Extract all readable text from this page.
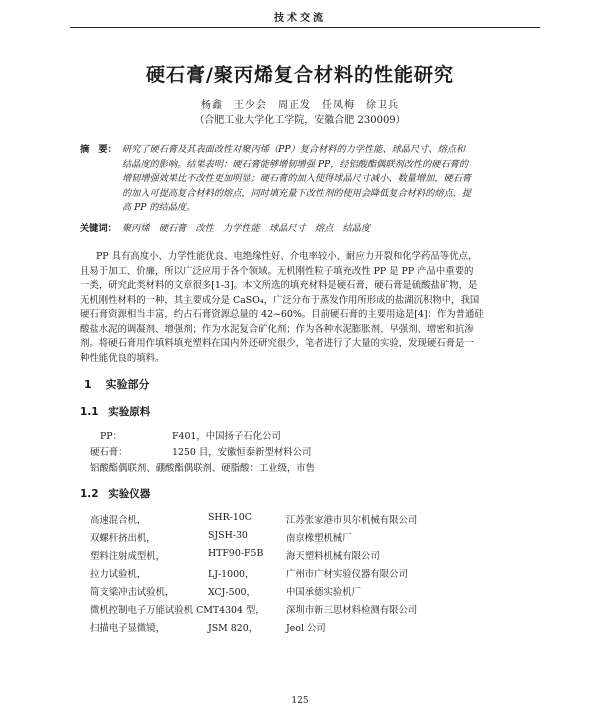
技术交流
硬石膏/聚丙烯复合材料的性能研究
杨鑫　王少会　周正发　任凤梅　徐卫兵
（合肥工业大学化工学院，安徽合肥 230009）
摘　要： 研究了硬石膏及其表面改性对聚丙烯（PP）复合材料的力学性能、球晶尺寸、熔点和
结晶度的影响。结果表明：硬石膏能够增韧增强 PP，经铝酸酯偶联剂改性的硬石膏的
增韧增强效果比不改性更加明显；硬石膏的加入使得球晶尺寸减小、数量增加，硬石膏
的加入可提高复合材料的熔点，同时填充量下改性剂的使用会降低复合材料的熔点，提
高 PP 的结晶度。
关键词： 聚丙烯　硬石膏　改性　力学性能　球晶尺寸　熔点　结晶度

PP 具有高度小、力学性能优良、电绝缘性好、介电率较小、耐应力开裂和化学药品等优点，

且易于加工、价廉，所以广泛应用于各个领域。无机刚性粒子填充改性 PP 是 PP 产品中重要的

一类，研究此类材料的文章很多[1-3]。本文所选的填充材料是硬石膏，硬石膏是硫酸盐矿物，是

无机刚性材料的一种，其主要成分是 CaSO₄，广泛分布于蒸发作用所形成的盐湖沉积物中，我国

硬石膏资源相当丰富，约占石膏资源总量的 42~60%。目前硬石膏的主要用途是[4]：作为普通硅

酸盐水泥的调凝剂、增强剂；作为水泥复合矿化剂；作为各种水泥膨胀剂、早强剂、增密和抗渗

剂。将硬石膏用作填料填充塑料在国内外还研究很少，笔者进行了大量的实验，发现硬石膏是一

种性能优良的填料。

1 实验部分
1.1 实验原料
PP：	F401，中国扬子石化公司
硬石膏：	1250 目，安徽恒泰新型材料公司
铝酸酯偶联剂、硼酸酯偶联剂、硬脂酸：工业级，市售
1.2 实验仪器
高速混合机，	SHR-10C	江苏张家港市贝尔机械有限公司
双螺杆挤出机，	SJSH-30	南京橡塑机械厂
塑料注射成型机，	HTF90-F5B 海天塑料机械有限公司
拉力试验机，	LJ-1000，	广州市广材实验仪器有限公司
简支梁冲击试验机，	XCJ-500，	中国承德实验机厂
微机控制电子万能试验机 CMT4304 型， 深圳市新三思材料检测有限公司
扫描电子显微镜，	JSM 820，	Jeol 公司
125
